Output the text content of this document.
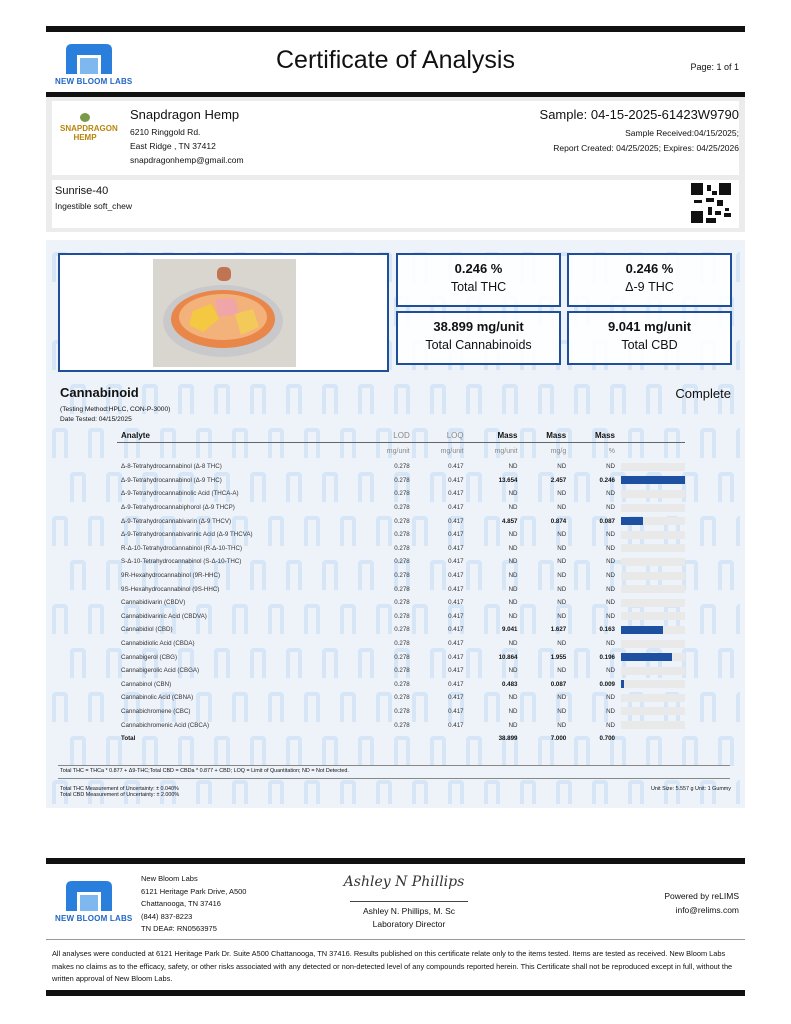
NEW BLOOM LABS
Certificate of Analysis	Page: 1 of 1
SNAPDRAGON
HEMP
Snapdragon Hemp
6210 Ringgold Rd.
East Ridge , TN 37412
snapdragonhemp@gmail.com
Sample: 04-15-2025-61423W9790
Sample Received:04/15/2025;
Report Created: 04/25/2025; Expires: 04/25/2026
Sunrise-40
Ingestible soft_chew
0.246 %
Total THC
0.246 %
Δ-9 THC
38.899 mg/unit
Total Cannabinoids
9.041 mg/unit
Total CBD
Cannabinoid	Complete
(Testing Method:HPLC, CON-P-3000)
Date Tested: 04/15/2025
Analyte	LOD	LOQ	Mass	Mass	Mass	
	mg/unit	mg/unit	mg/unit	mg/g	%	
Δ-8-Tetrahydrocannabinol (Δ-8 THC)	0.278	0.417	ND	ND	ND	

Δ-9-Tetrahydrocannabinol (Δ-9 THC)	0.278	0.417	13.654	2.457	0.246	

Δ-9-Tetrahydrocannabinolic Acid (THCA-A)	0.278	0.417	ND	ND	ND	

Δ-9-Tetrahydrocannabiphorol (Δ-9 THCP)	0.278	0.417	ND	ND	ND	

Δ-9-Tetrahydrocannabivarin (Δ-9 THCV)	0.278	0.417	4.857	0.874	0.087	

Δ-9-Tetrahydrocannabivarinic Acid (Δ-9 THCVA)	0.278	0.417	ND	ND	ND	

R-Δ-10-Tetrahydrocannabinol (R-Δ-10-THC)	0.278	0.417	ND	ND	ND	

S-Δ-10-Tetrahydrocannabinol (S-Δ-10-THC)	0.278	0.417	ND	ND	ND	

9R-Hexahydrocannabinol (9R-HHC)	0.278	0.417	ND	ND	ND	

9S-Hexahydrocannabinol (9S-HHC)	0.278	0.417	ND	ND	ND	

Cannabidivarin (CBDV)	0.278	0.417	ND	ND	ND	

Cannabidivarinic Acid (CBDVA)	0.278	0.417	ND	ND	ND	

Cannabidiol (CBD)	0.278	0.417	9.041	1.627	0.163	

Cannabidiolic Acid (CBDA)	0.278	0.417	ND	ND	ND	

Cannabigerol (CBG)	0.278	0.417	10.864	1.955	0.196	

Cannabigerolic Acid (CBGA)	0.278	0.417	ND	ND	ND	

Cannabinol (CBN)	0.278	0.417	0.483	0.087	0.009	

Cannabinolic Acid (CBNA)	0.278	0.417	ND	ND	ND	

Cannabichromene (CBC)	0.278	0.417	ND	ND	ND	

Cannabichromenic Acid (CBCA)	0.278	0.417	ND	ND	ND	

Total			38.899	7.000	0.700	
Total THC = THCa * 0.877 + Δ9-THC;Total CBD = CBDa * 0.877 + CBD; LOQ = Limit of Quantitation; ND = Not Detected.
Total THC Measurement of Uncertainty: ± 0.040%
Total CBD Measurement of Uncertainty: ± 2.000%
Unit Size: 5.557 g Unit: 1 Gummy
NEW BLOOM LABS
New Bloom Labs
6121 Heritage Park Drive, A500
Chattanooga, TN 37416
(844) 837-8223
TN DEA#: RN0563975
Ashley N Phillips
Ashley N. Phillips, M. Sc
Laboratory Director
Powered by reLIMS
info@relims.com
All analyses were conducted at 6121 Heritage Park Dr. Suite A500 Chattanooga, TN 37416. Results published on this certificate relate only to the items tested. Items are tested as received. New Bloom Labs makes no claims as to the efficacy, safety, or other risks associated with any detected or non-detected level of any compounds reported herein. This Certificate shall not be reproduced except in full, without the written approval of New Bloom Labs.
